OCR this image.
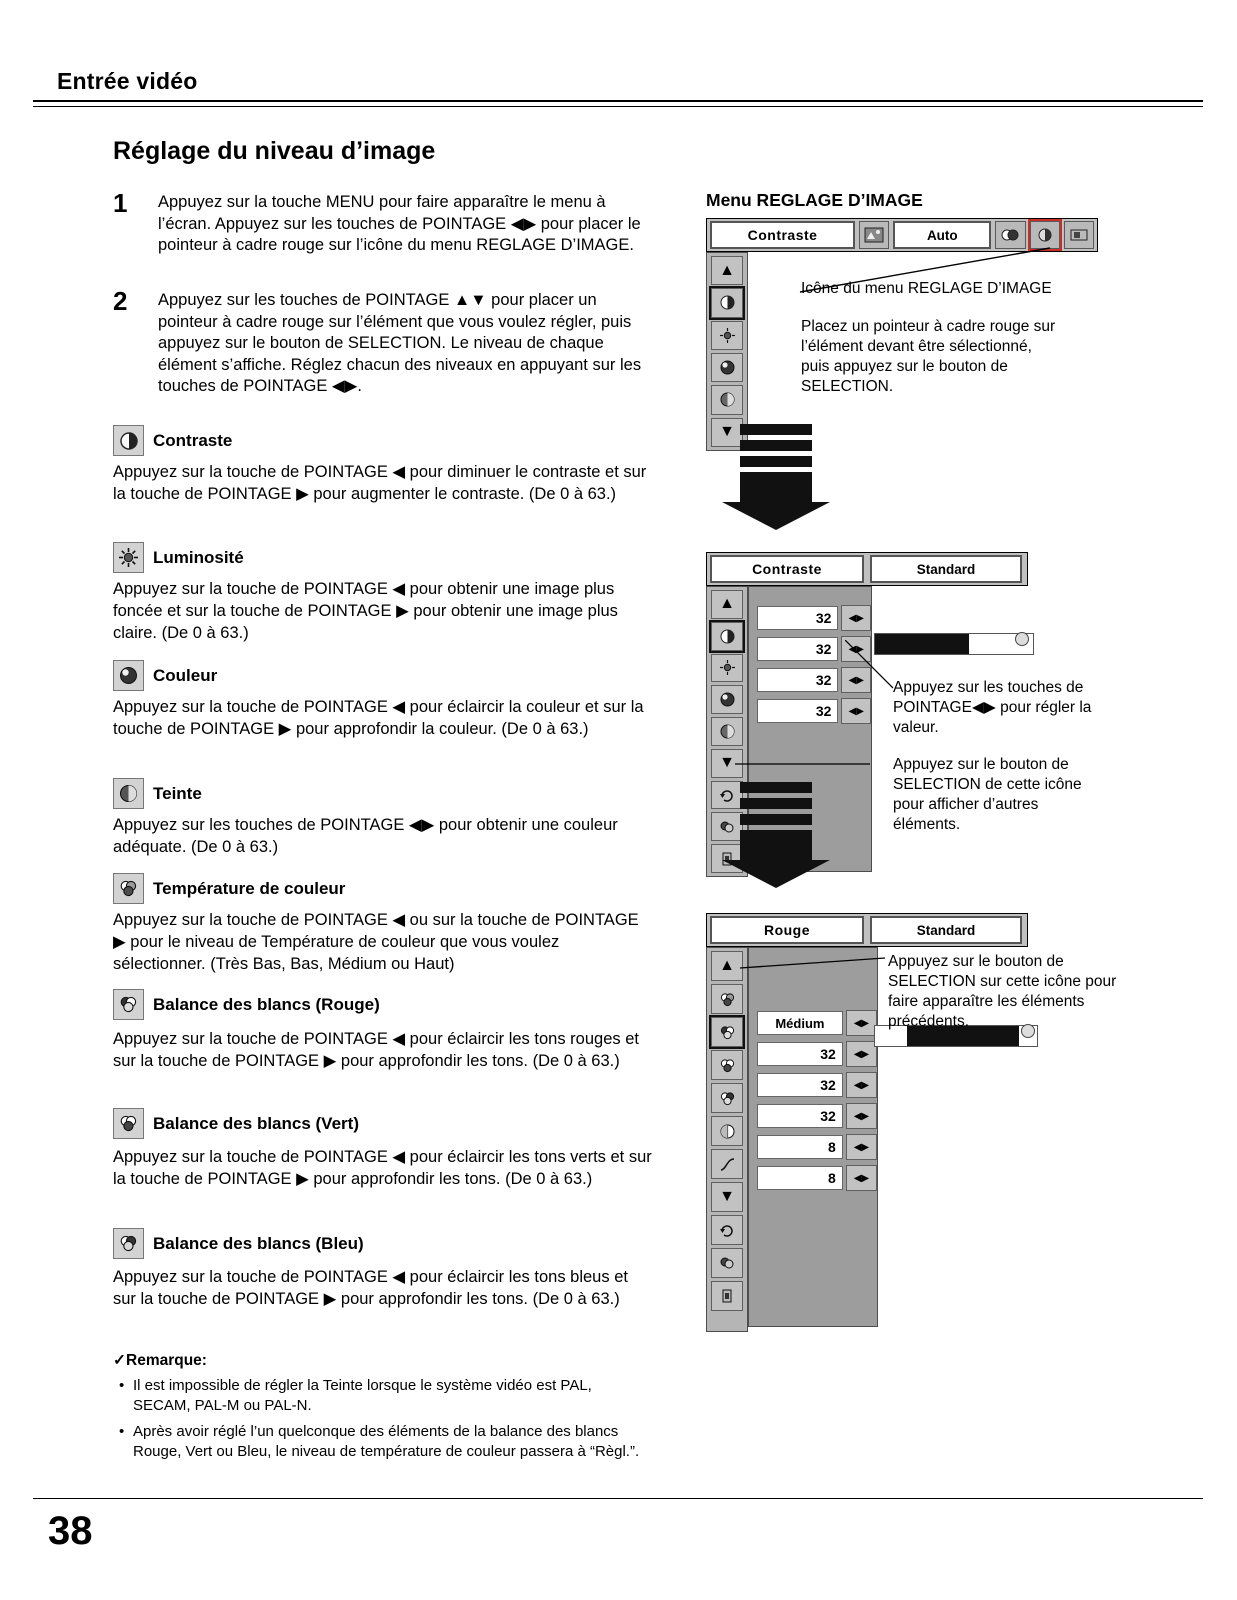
Entrée vidéo
Réglage du niveau d’image
1 Appuyez sur la touche MENU pour faire apparaître le menu à l’écran. Appuyez sur les touches de POINTAGE ◀▶ pour placer le pointeur à cadre rouge sur l’icône du menu REGLAGE D’IMAGE.
2 Appuyez sur les touches de POINTAGE ▲▼ pour placer un pointeur à cadre rouge sur l’élément que vous voulez régler, puis appuyez sur le bouton de SELECTION. Le niveau de chaque élément s’affiche. Réglez chacun des niveaux en appuyant sur les touches de POINTAGE ◀▶.
Contraste
Appuyez sur la touche de POINTAGE ◀ pour diminuer le contraste et sur la touche de POINTAGE ▶ pour augmenter le contraste. (De 0 à 63.)
Luminosité
Appuyez sur la touche de POINTAGE ◀ pour obtenir une image plus foncée et sur la touche de POINTAGE ▶ pour obtenir une image plus claire. (De 0 à 63.)
Couleur
Appuyez sur la touche de POINTAGE ◀ pour éclaircir la couleur et sur la touche de POINTAGE ▶ pour approfondir la couleur. (De 0 à 63.)
Teinte
Appuyez sur les touches de POINTAGE ◀▶ pour obtenir une couleur adéquate. (De 0 à 63.)
Température de couleur
Appuyez sur la touche de POINTAGE ◀ ou sur la touche de POINTAGE ▶ pour le niveau de Température de couleur que vous voulez sélectionner. (Très Bas, Bas, Médium ou Haut)
Balance des blancs (Rouge)
Appuyez sur la touche de POINTAGE ◀ pour éclaircir les tons rouges et sur la touche de POINTAGE ▶ pour approfondir les tons. (De 0 à 63.)
Balance des blancs (Vert)
Appuyez sur la touche de POINTAGE ◀ pour éclaircir les tons verts et sur la touche de POINTAGE ▶ pour approfondir les tons. (De 0 à 63.)
Balance des blancs (Bleu)
Appuyez sur la touche de POINTAGE ◀ pour éclaircir les tons bleus et sur la touche de POINTAGE ▶ pour approfondir les tons. (De 0 à 63.)
✓Remarque:
• Il est impossible de régler la Teinte lorsque le système vidéo est PAL, SECAM, PAL-M ou PAL-N.
• Après avoir réglé l’un quelconque des éléments de la balance des blancs Rouge, Vert ou Bleu, le niveau de température de couleur passera à “Règl.”.
38
Menu REGLAGE D’IMAGE
Contraste	Auto
▲
▼
Icône du menu REGLAGE D’IMAGE
Placez un pointeur à cadre rouge sur l’élément devant être sélectionné, puis appuyez sur le bouton de SELECTION.
Contraste	Standard
▲
▼
32	◀▶
32	◀▶
32	◀▶
32	◀▶
Appuyez sur les touches de POINTAGE◀▶ pour régler la valeur.
Appuyez sur le bouton de SELECTION de cette icône pour afficher d’autres éléments.
Rouge	Standard
▲
▼
Médium	◀▶
32	◀▶
32	◀▶
32	◀▶
8	◀▶
8	◀▶
Appuyez sur le bouton de SELECTION sur cette icône pour faire apparaître les éléments précédents.
